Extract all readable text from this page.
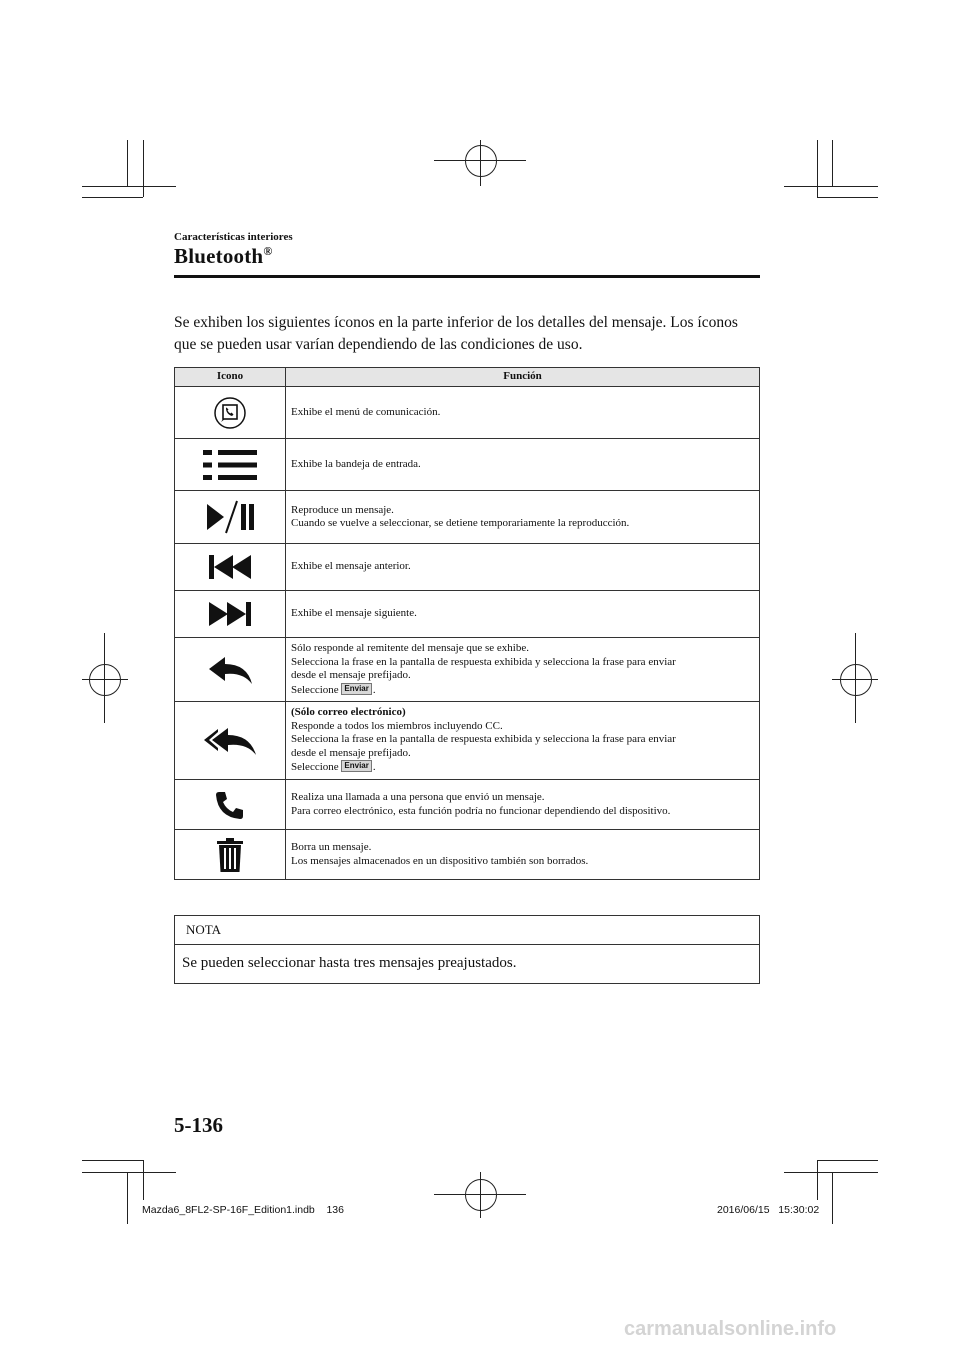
Características interiores
Bluetooth®
Se exhiben los siguientes íconos en la parte inferior de los detalles del mensaje. Los íconos que se pueden usar varían dependiendo de las condiciones de uso.
Icono	Función

Exhibe el menú de comunicación.

Exhibe la bandeja de entrada.

Reproduce un mensaje.
Cuando se vuelve a seleccionar, se detiene temporariamente la reproducción.

Exhibe el mensaje anterior.

Exhibe el mensaje siguiente.

Sólo responde al remitente del mensaje que se exhibe.
Selecciona la frase en la pantalla de respuesta exhibida y selecciona la frase para enviar
desde el mensaje prefijado.
Seleccione Enviar .

(Sólo correo electrónico)
Responde a todos los miembros incluyendo CC.
Selecciona la frase en la pantalla de respuesta exhibida y selecciona la frase para enviar
desde el mensaje prefijado.
Seleccione Enviar .

Realiza una llamada a una persona que envió un mensaje.
Para correo electrónico, esta función podría no funcionar dependiendo del dispositivo.

Borra un mensaje.
Los mensajes almacenados en un dispositivo también son borrados.
NOTA
Se pueden seleccionar hasta tres mensajes preajustados.
5-136
Mazda6_8FL2-SP-16F_Edition1.indb    136	2016/06/15   15:30:02
carmanualsonline.info
